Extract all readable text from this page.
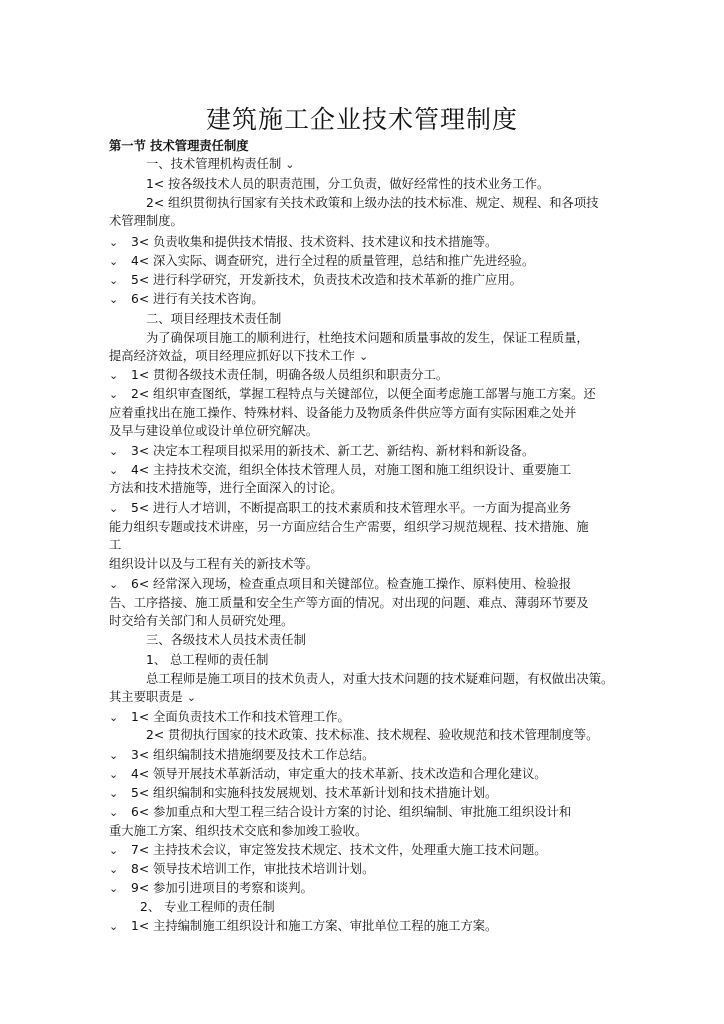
建筑施工企业技术管理制度
第一节 技术管理责任制度
一、技术管理机构责任制 ⌄
1< 按各级技术人员的职责范围，分工负责，做好经常性的技术业务工作。
2< 组织贯彻执行国家有关技术政策和上级办法的技术标准、规定、规程、和各项技
术管理制度。
⌄ 3< 负责收集和提供技术情报、技术资料、技术建议和技术措施等。
⌄ 4< 深入实际、调查研究，进行全过程的质量管理，总结和推广先进经验。
⌄ 5< 进行科学研究，开发新技术，负责技术改造和技术革新的推广应用。
⌄ 6< 进行有关技术咨询。
二、项目经理技术责任制
为了确保项目施工的顺利进行，杜绝技术问题和质量事故的发生，保证工程质量，
提高经济效益，项目经理应抓好以下技术工作 ⌄
⌄ 1< 贯彻各级技术责任制，明确各级人员组织和职责分工。
⌄ 2< 组织审查图纸，掌握工程特点与关键部位，以便全面考虑施工部署与施工方案。还
应着重找出在施工操作、特殊材料、设备能力及物质条件供应等方面有实际困难之处并
及早与建设单位或设计单位研究解决。
⌄ 3< 决定本工程项目拟采用的新技术、新工艺、新结构、新材料和新设备。
⌄ 4< 主持技术交流，组织全体技术管理人员，对施工图和施工组织设计、重要施工
方法和技术措施等，进行全面深入的讨论。
⌄ 5< 进行人才培训，不断提高职工的技术素质和技术管理水平。一方面为提高业务
能力组织专题或技术讲座，另一方面应结合生产需要，组织学习规范规程、技术措施、施
工
组织设计以及与工程有关的新技术等。
⌄ 6< 经常深入现场，检查重点项目和关键部位。检查施工操作、原料使用、检验报
告、工序搭接、施工质量和安全生产等方面的情况。对出现的问题、难点、薄弱环节要及
时交给有关部门和人员研究处理。
三、各级技术人员技术责任制
1、 总工程师的责任制
总工程师是施工项目的技术负责人，对重大技术问题的技术疑难问题，有权做出决策。
其主要职责是 ⌄
⌄ 1< 全面负责技术工作和技术管理工作。
2< 贯彻执行国家的技术政策、技术标准、技术规程、验收规范和技术管理制度等。
⌄ 3< 组织编制技术措施纲要及技术工作总结。
⌄ 4< 领导开展技术革新活动，审定重大的技术革新、技术改造和合理化建议。
⌄ 5< 组织编制和实施科技发展规划、技术革新计划和技术措施计划。
⌄ 6< 参加重点和大型工程三结合设计方案的讨论、组织编制、审批施工组织设计和
重大施工方案、组织技术交底和参加竣工验收。
⌄ 7< 主持技术会议，审定签发技术规定、技术文件，处理重大施工技术问题。
⌄ 8< 领导技术培训工作，审批技术培训计划。
⌄ 9< 参加引进项目的考察和谈判。
2、 专业工程师的责任制
⌄ 1< 主持编制施工组织设计和施工方案、审批单位工程的施工方案。
